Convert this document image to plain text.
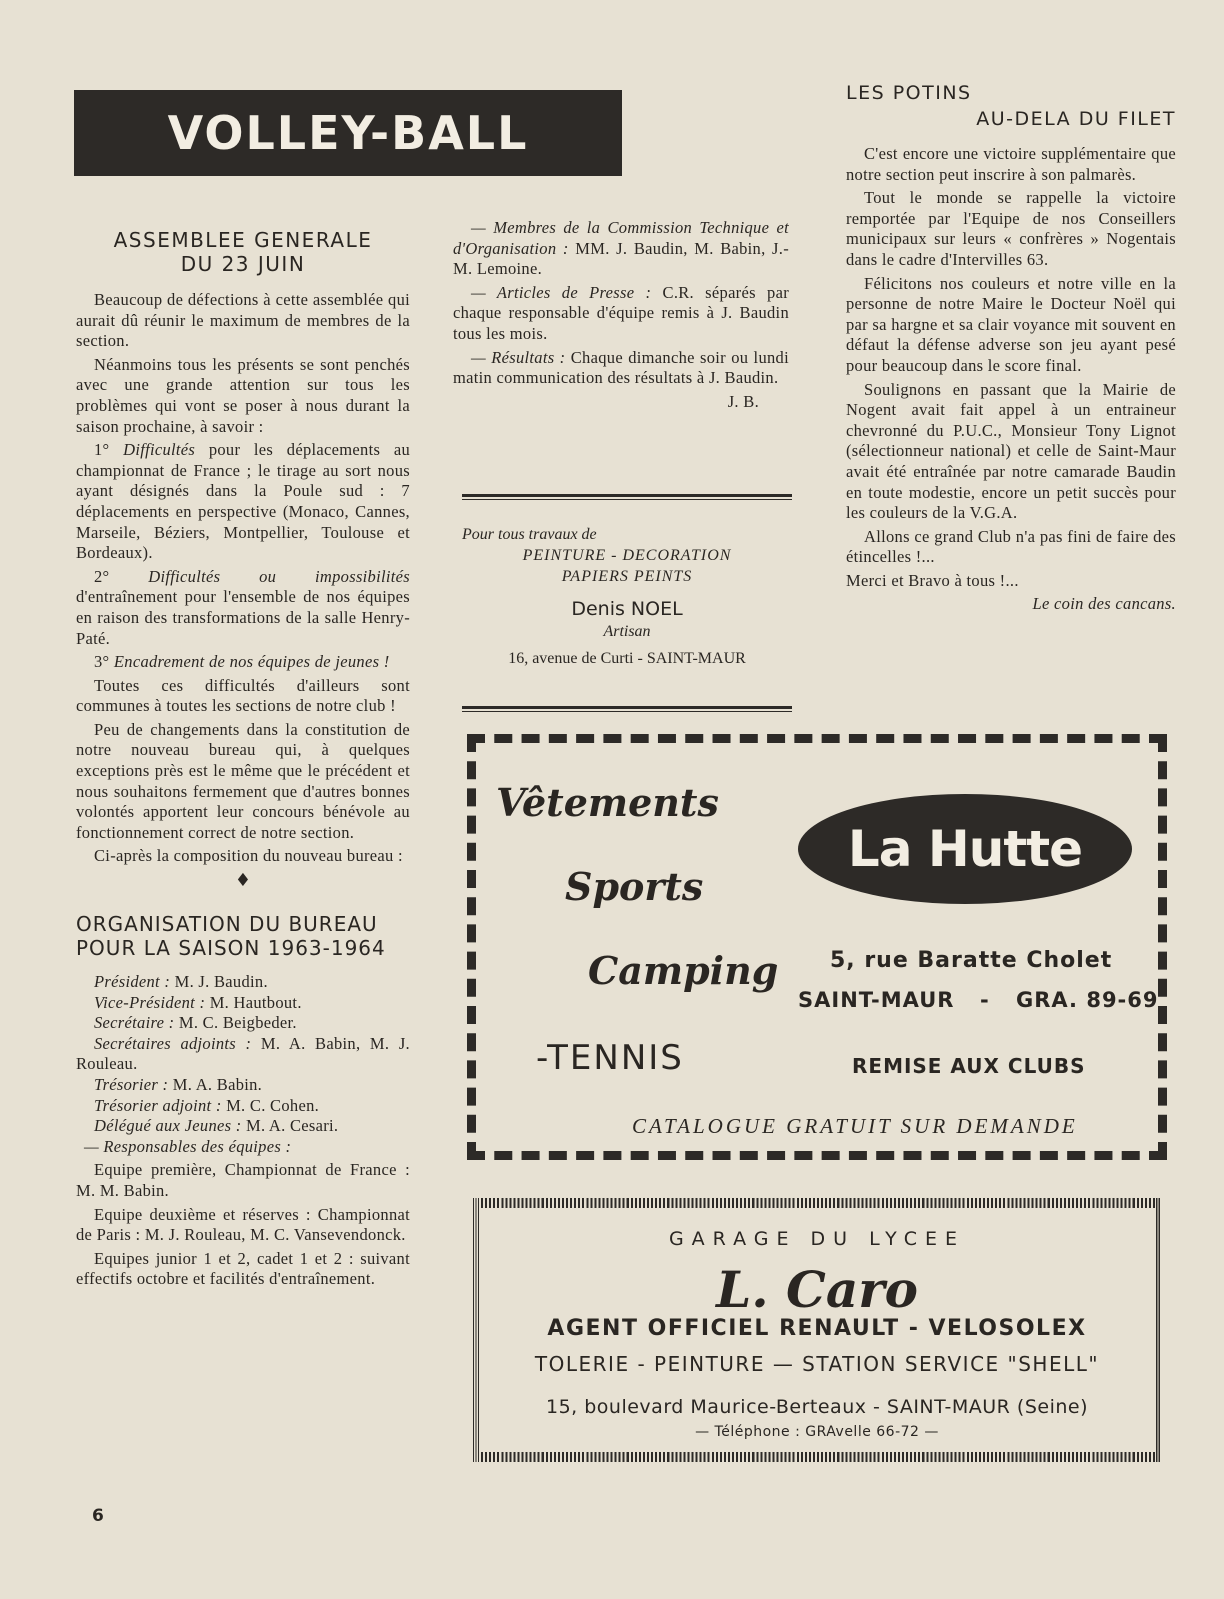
VOLLEY-BALL
ASSEMBLEE GENERALE
DU 23 JUIN

Beaucoup de défections à cette assemblée qui aurait dû réunir le maximum de membres de la section.

Néanmoins tous les présents se sont penchés avec une grande attention sur tous les problèmes qui vont se poser à nous durant la saison prochaine, à savoir :

1° Difficultés pour les déplacements au championnat de France ; le tirage au sort nous ayant désignés dans la Poule sud : 7 déplacements en perspective (Monaco, Cannes, Marseile, Béziers, Montpellier, Toulouse et Bordeaux).

2° Difficultés ou impossibilités d'entraînement pour l'ensemble de nos équipes en raison des transformations de la salle Henry-Paté.

3° Encadrement de nos équipes de jeunes !

Toutes ces difficultés d'ailleurs sont communes à toutes les sections de notre club !

Peu de changements dans la constitution de notre nouveau bureau qui, à quelques exceptions près est le même que le précédent et nous souhaitons fermement que d'autres bonnes volontés apportent leur concours bénévole au fonctionnement correct de notre section.

Ci-après la composition du nouveau bureau :

♦
ORGANISATION DU BUREAU
POUR LA SAISON 1963-1964

Président : M. J. Baudin.

Vice-Président : M. Hautbout.

Secrétaire : M. C. Beigbeder.

Secrétaires adjoints : M. A. Babin, M. J. Rouleau.

Trésorier : M. A. Babin.

Trésorier adjoint : M. C. Cohen.

Délégué aux Jeunes : M. A. Cesari.

— Responsables des équipes :

Equipe première, Championnat de France : M. M. Babin.

Equipe deuxième et réserves : Championnat de Paris : M. J. Rouleau, M. C. Vansevendonck.

Equipes junior 1 et 2, cadet 1 et 2 : suivant effectifs octobre et facilités d'entraînement.

— Membres de la Commission Technique et d'Organisation : MM. J. Baudin, M. Babin, J.-M. Lemoine.

— Articles de Presse : C.R. séparés par chaque responsable d'équipe remis à J. Baudin tous les mois.

— Résultats : Chaque dimanche soir ou lundi matin communication des résultats à J. Baudin.

J. B.

Pour tous travaux de
PEINTURE - DECORATION
PAPIERS PEINTS
Denis NOEL
Artisan
16, avenue de Curti - SAINT-MAUR
LES POTINS
AU-DELA DU FILET

C'est encore une victoire supplémentaire que notre section peut inscrire à son palmarès.

Tout le monde se rappelle la victoire remportée par l'Equipe de nos Conseillers municipaux sur leurs « confrères » Nogentais dans le cadre d'Intervilles 63.

Félicitons nos couleurs et notre ville en la personne de notre Maire le Docteur Noël qui par sa hargne et sa clair voyance mit souvent en défaut la défense adverse son jeu ayant pesé pour beaucoup dans le score final.

Soulignons en passant que la Mairie de Nogent avait fait appel à un entraineur chevronné du P.U.C., Monsieur Tony Lignot (sélectionneur national) et celle de Saint-Maur avait été entraînée par notre camarade Baudin en toute modestie, encore un petit succès pour les couleurs de la V.G.A.

Allons ce grand Club n'a pas fini de faire des étincelles !...

Merci et Bravo à tous !...

Le coin des cancans.

Vêtements
Sports
Camping
-TENNIS
La Hutte
5, rue Baratte Cholet
SAINT-MAUR - GRA. 89-69
REMISE AUX CLUBS
CATALOGUE GRATUIT SUR DEMANDE
GARAGE DU LYCEE
L. Caro
AGENT OFFICIEL RENAULT - VELOSOLEX
TOLERIE - PEINTURE — STATION SERVICE "SHELL"
15, boulevard Maurice-Berteaux - SAINT-MAUR (Seine)
— Téléphone : GRAvelle 66-72 —
6
